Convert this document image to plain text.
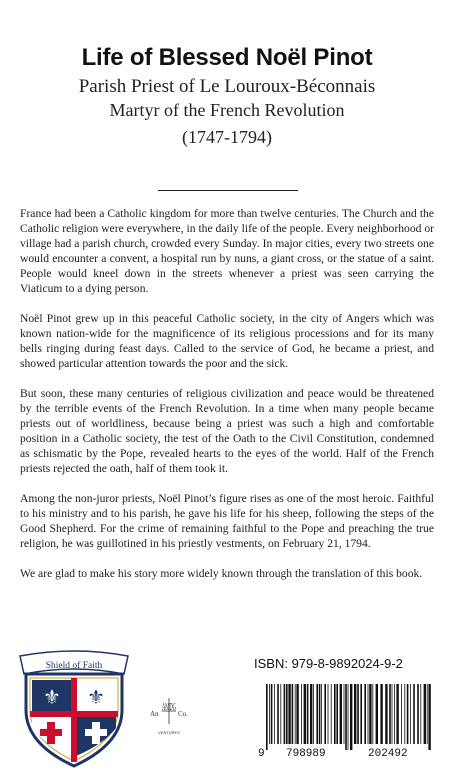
Life of Blessed Noël Pinot
Parish Priest of Le Louroux-Béconnais
Martyr of the French Revolution
(1747-1794)

France had been a Catholic kingdom for more than twelve centuries. The Church and the Catholic religion were everywhere, in the daily life of the people. Every neighborhood or village had a parish church, crowded every Sunday. In major cities, every two streets one would encounter a convent, a hospital run by nuns, a giant cross, or the statue of a saint. People would kneel down in the streets whenever a priest was seen carrying the Viaticum to a dying person.

Noël Pinot grew up in this peaceful Catholic society, in the city of Angers which was known nation-wide for the magnificence of its religious processions and for its many bells ringing during feast days. Called to the service of God, he became a priest, and showed particular attention towards the poor and the sick.

But soon, these many centuries of religious civilization and peace would be threatened by the terrible events of the French Revolution. In a time when many people became priests out of worldliness, because being a priest was such a high and comfortable position in a Catholic society, the test of the Oath to the Civil Constitution, condemned as schismatic by the Pope, revealed hearts to the eyes of the world. Half of the French priests rejected the oath, half of them took it.

Among the non-juror priests, Noël Pinot’s figure rises as one of the most heroic. Faithful to his ministry and to his parish, he gave his life for his sheep, following the steps of the Good Shepherd. For the crime of remaining faithful to the Pope and preaching the true religion, he was guillotined in his priestly vestments, on February 21, 1794.

We are glad to make his story more widely known through the translation of this book.

Shield of Faith
⚜ ⚜
An
AMDG
Co.
VENTURES
ISBN: 979-8-9892024-9-2
9 798989	202492
